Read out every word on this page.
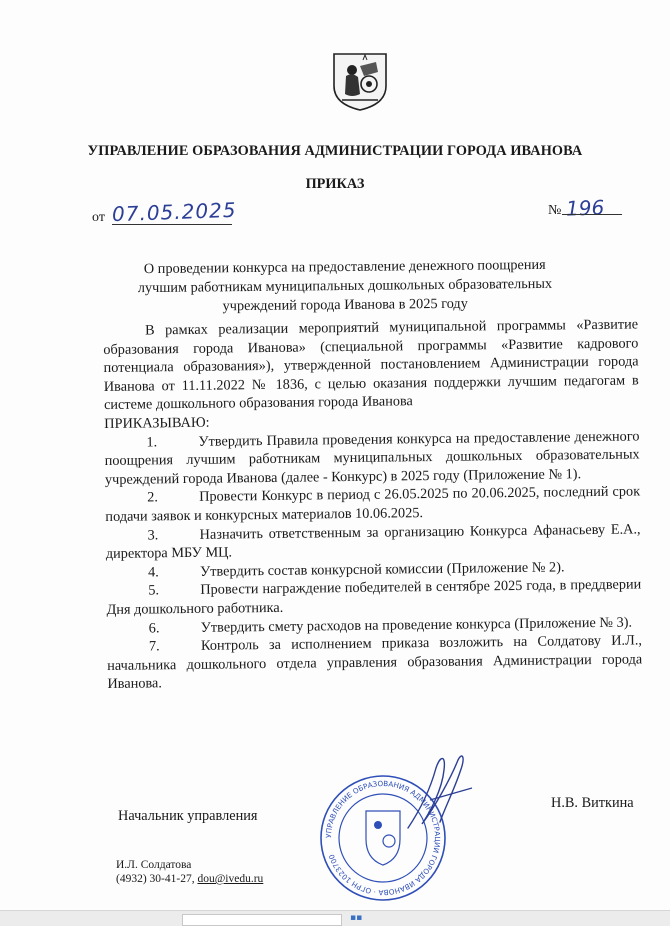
УПРАВЛЕНИЕ ОБРАЗОВАНИЯ АДМИНИСТРАЦИИ ГОРОДА ИВАНОВА
ПРИКАЗ
от 07.05.2025	№ 196
О проведении конкурса на предоставление денежного поощрения
лучшим работникам муниципальных дошкольных образовательных
учреждений города Иванова в 2025 году

В рамках реализации мероприятий муниципальной программы «Развитие образования города Иванова» (специальной программы «Развитие кадрового потенциала образования»), утвержденной постановлением Администрации города Иванова от 11.11.2022 № 1836, с целью оказания поддержки лучшим педагогам в системе дошкольного образования города Иванова

ПРИКАЗЫВАЮ:

1.	Утвердить Правила проведения конкурса на предоставление денежного поощрения лучшим работникам муниципальных дошкольных образовательных учреждений города Иванова (далее - Конкурс) в 2025 году (Приложение № 1).

2.	Провести Конкурс в период с 26.05.2025 по 20.06.2025, последний срок подачи заявок и конкурсных материалов 10.06.2025.

3.	Назначить ответственным за организацию Конкурса Афанасьеву Е.А., директора МБУ МЦ.

4.	Утвердить состав конкурсной комиссии (Приложение № 2).

5.	Провести награждение победителей в сентябре 2025 года, в преддверии Дня дошкольного работника.

6.	Утвердить смету расходов на проведение конкурса (Приложение № 3).

7.	Контроль за исполнением приказа возложить на Солдатову И.Л., начальника дошкольного отдела управления образования Администрации города Иванова.

УПРАВЛЕНИЕ ОБРАЗОВАНИЯ АДМИНИСТРАЦИИ ГОРОДА ИВАНОВА · ОГРН 1023700
Начальник управления
Н.В. Виткина
И.Л. Солдатова
(4932) 30-41-27, dou@ivedu.ru
▪▪
